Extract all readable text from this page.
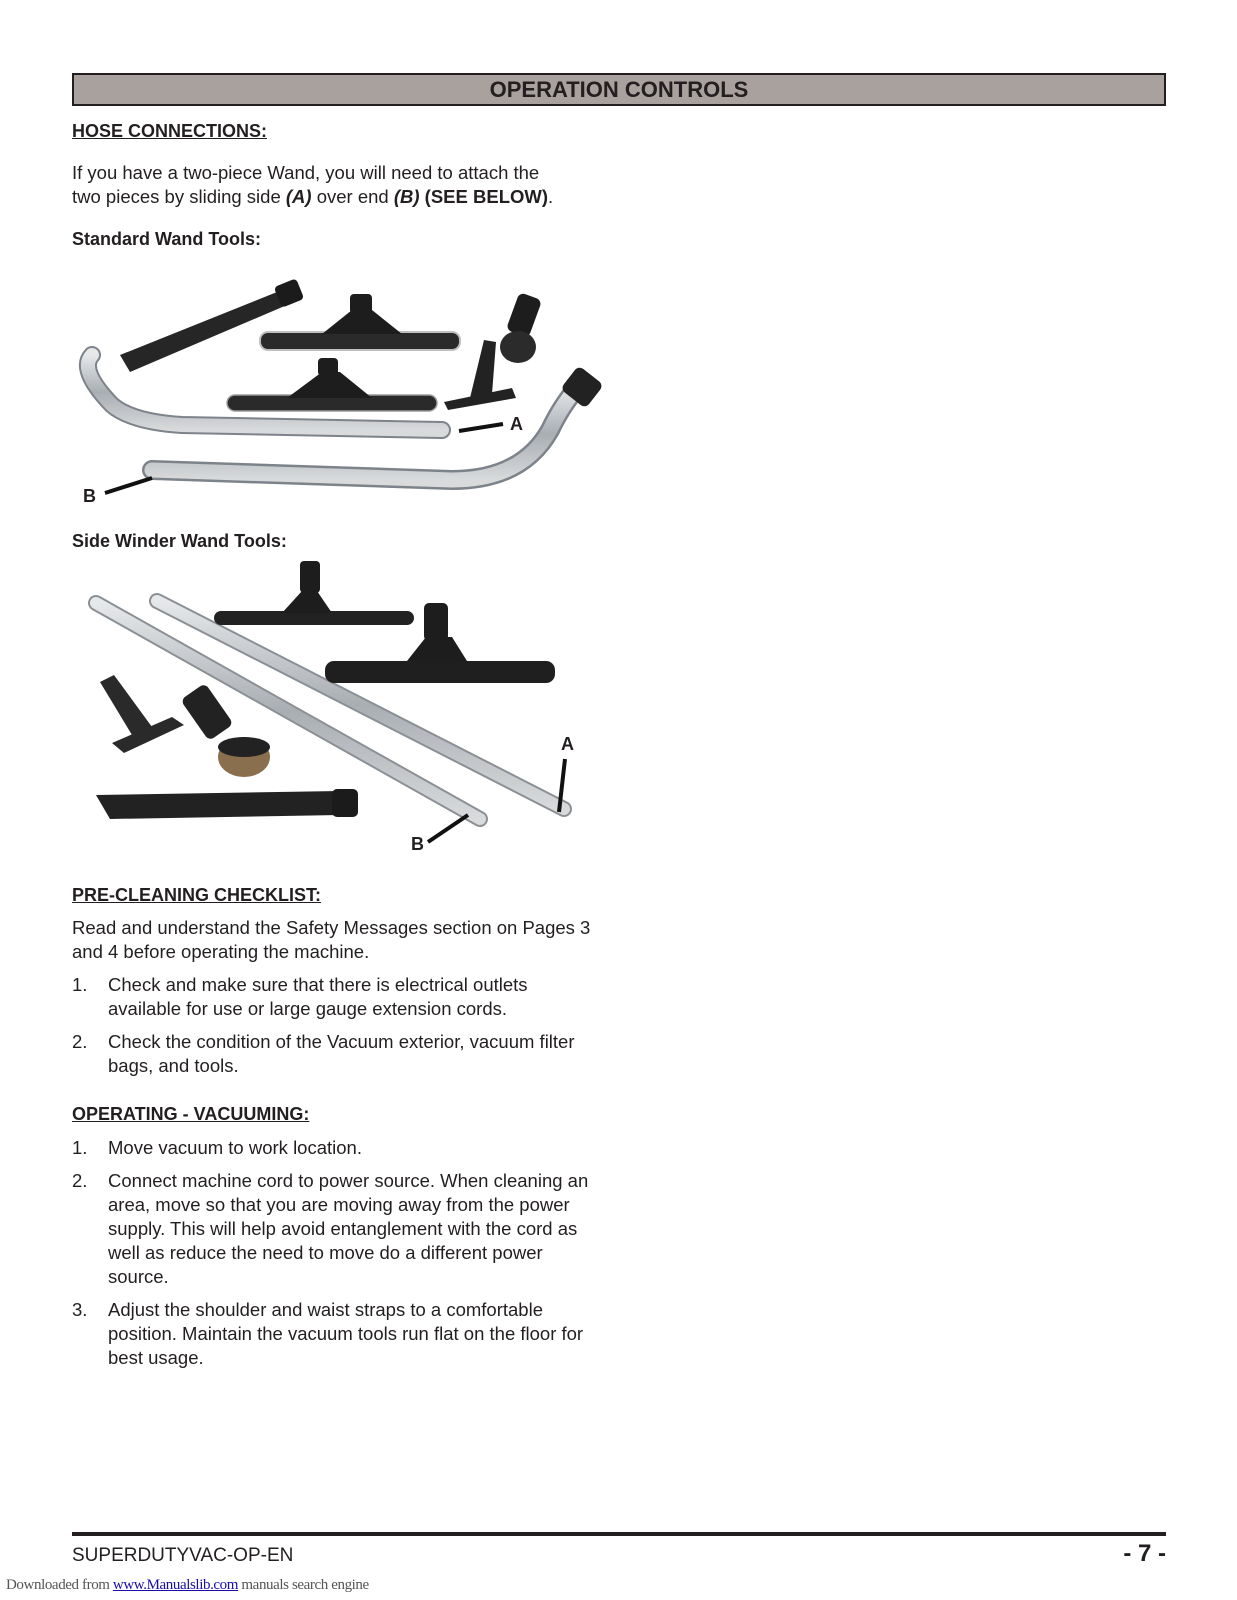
OPERATION CONTROLS
HOSE CONNECTIONS:
If you have a two-piece Wand, you will need to attach the
two pieces by sliding side (A) over end (B) (SEE BELOW).
Standard Wand Tools:
A
B
Side Winder Wand Tools:
A
B
PRE-CLEANING CHECKLIST:
Read and understand the Safety Messages section on Pages 3 and 4 before operating the machine.
1.	Check and make sure that there is electrical outlets available for use or large gauge extension cords.
2.	Check the condition of the Vacuum exterior, vacuum filter bags, and tools.
OPERATING - VACUUMING:
1.	Move vacuum to work location.
2.	Connect machine cord to power source. When cleaning an area, move so that you are moving away from the power supply. This will help avoid entanglement with the cord as well as reduce the need to move do a different power source.
3.	Adjust the shoulder and waist straps to a comfortable position. Maintain the vacuum tools run flat on the floor for best usage.
SUPERDUTYVAC-OP-EN	- 7 -
Downloaded from www.Manualslib.com manuals search engine
